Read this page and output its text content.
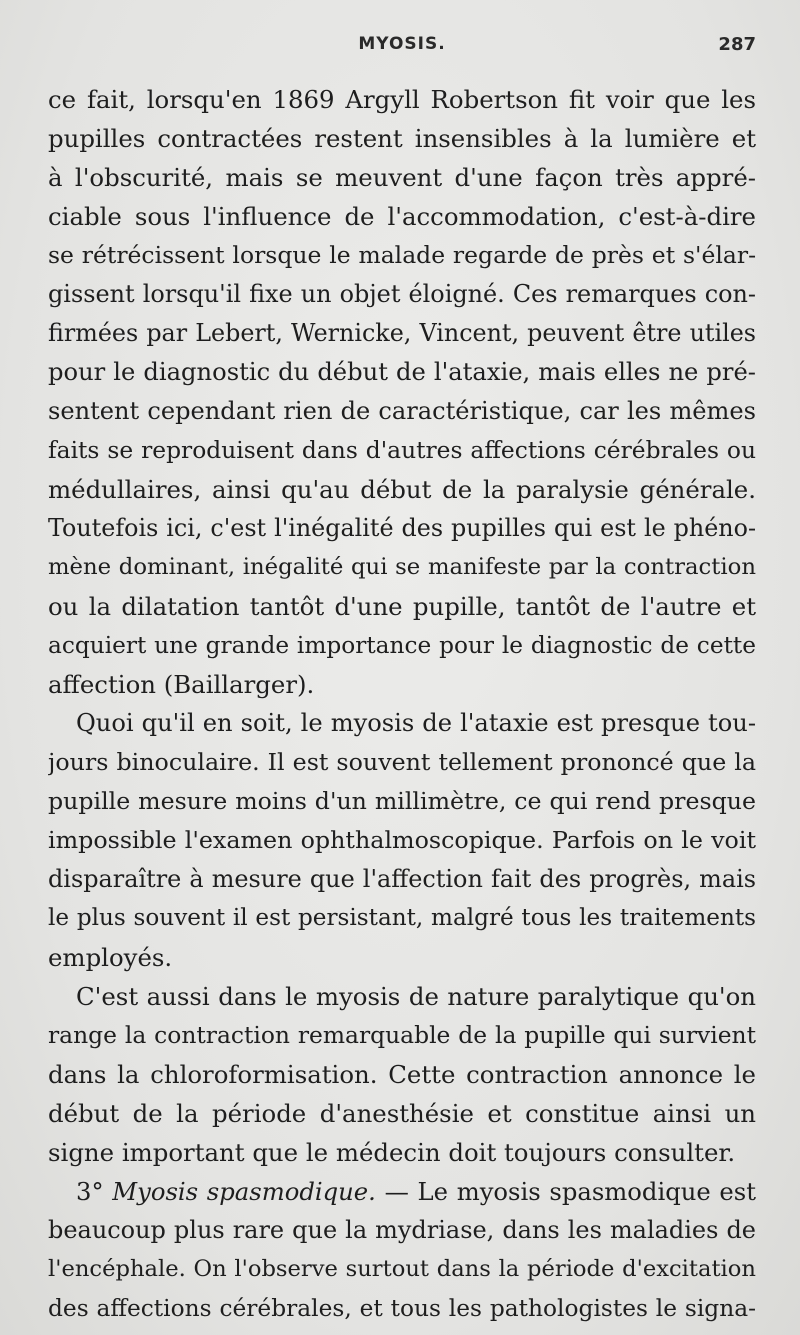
MYOSIS.	287
ce fait, lorsqu'en 1869 Argyll Robertson fit voir que les
pupilles contractées restent insensibles à la lumière et
à l'obscurité, mais se meuvent d'une façon très appré-
ciable sous l'influence de l'accommodation, c'est-à-dire
se rétrécissent lorsque le malade regarde de près et s'élar-
gissent lorsqu'il fixe un objet éloigné. Ces remarques con-
firmées par Lebert, Wernicke, Vincent, peuvent être utiles
pour le diagnostic du début de l'ataxie, mais elles ne pré-
sentent cependant rien de caractéristique, car les mêmes
faits se reproduisent dans d'autres affections cérébrales ou
médullaires, ainsi qu'au début de la paralysie générale.
Toutefois ici, c'est l'inégalité des pupilles qui est le phéno-
mène dominant, inégalité qui se manifeste par la contraction
ou la dilatation tantôt d'une pupille, tantôt de l'autre et
acquiert une grande importance pour le diagnostic de cette
affection (Baillarger).
Quoi qu'il en soit, le myosis de l'ataxie est presque tou-
jours binoculaire. Il est souvent tellement prononcé que la
pupille mesure moins d'un millimètre, ce qui rend presque
impossible l'examen ophthalmoscopique. Parfois on le voit
disparaître à mesure que l'affection fait des progrès, mais
le plus souvent il est persistant, malgré tous les traitements
employés.
C'est aussi dans le myosis de nature paralytique qu'on
range la contraction remarquable de la pupille qui survient
dans la chloroformisation. Cette contraction annonce le
début de la période d'anesthésie et constitue ainsi un
signe important que le médecin doit toujours consulter.
3° Myosis spasmodique. — Le myosis spasmodique est
beaucoup plus rare que la mydriase, dans les maladies de
l'encéphale. On l'observe surtout dans la période d'excitation
des affections cérébrales, et tous les pathologistes le signa-
